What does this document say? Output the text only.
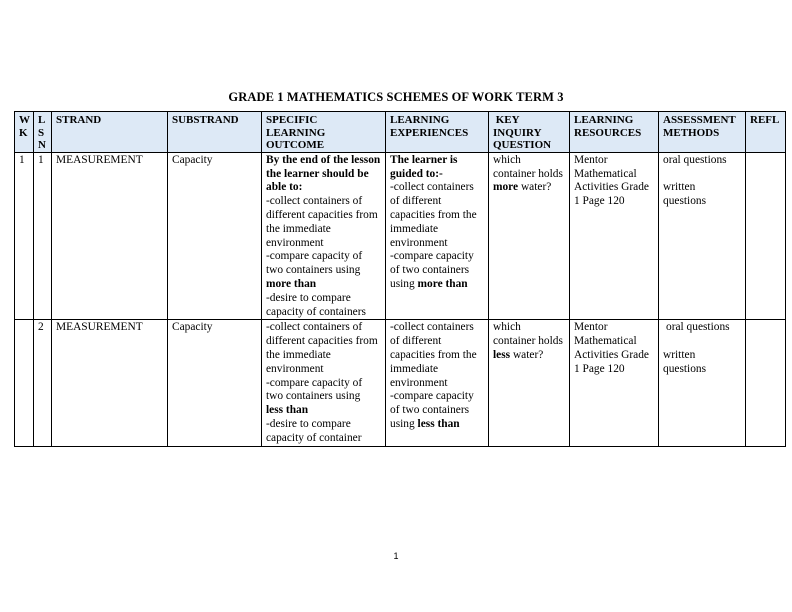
GRADE 1 MATHEMATICS SCHEMES OF WORK TERM 3
W
K	L
S
N	STRAND	SUBSTRAND	SPECIFIC
LEARNING
OUTCOME	LEARNING
EXPERIENCES	KEY
INQUIRY
QUESTION	LEARNING
RESOURCES	ASSESSMENT
METHODS	REFL
1	1	MEASUREMENT	Capacity	By the end of the lesson the learner should be able to:
-collect containers of different capacities from the immediate environment
-compare capacity of two containers using
more than
-desire to compare capacity of containers	The learner is guided to:-
-collect containers of different capacities from the immediate environment
-compare capacity of two containers using more than	which container holds more water?	Mentor Mathematical Activities Grade 1 Page 120	oral questions
written questions	
	2	MEASUREMENT	Capacity	-collect containers of different capacities from the immediate environment
-compare capacity of two containers using
less than
-desire to compare capacity of container	-collect containers of different capacities from the immediate environment
-compare capacity of two containers using less than	which container holds less water?	Mentor Mathematical Activities Grade 1 Page 120	oral questions
written questions	
1
